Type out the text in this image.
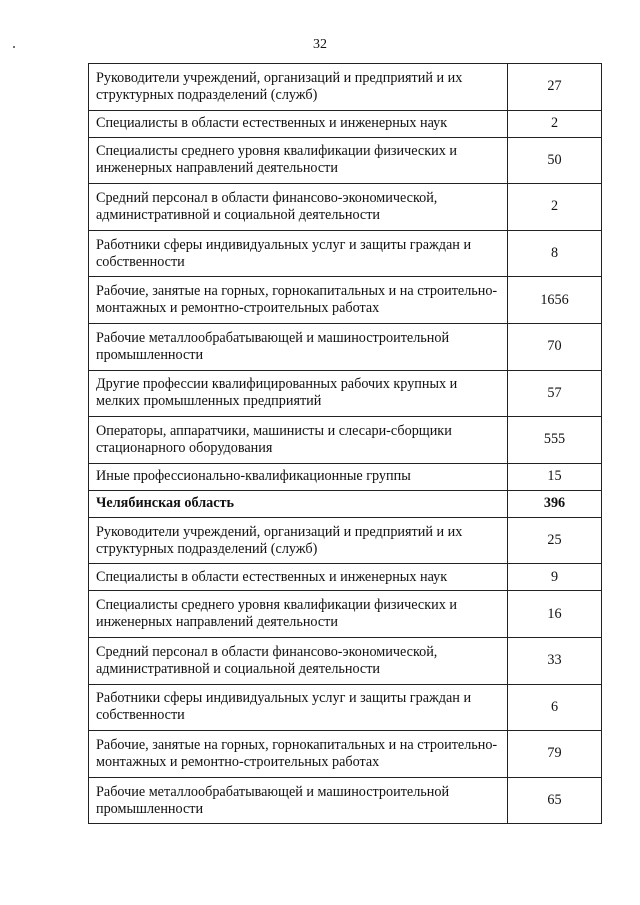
32
Руководители учреждений, организаций и предприятий и их структурных подразделений (служб)	27
Специалисты в области естественных и инженерных наук	2
Специалисты среднего уровня квалификации физических и инженерных направлений деятельности	50
Средний персонал в области финансово-экономической, административной и социальной деятельности	2
Работники сферы индивидуальных услуг и защиты граждан и собственности	8
Рабочие, занятые на горных, горнокапитальных и на строительно-монтажных и ремонтно-строительных работах	1656
Рабочие металлообрабатывающей и машиностроительной промышленности	70
Другие профессии квалифицированных рабочих крупных и мелких промышленных предприятий	57
Операторы, аппаратчики, машинисты и слесари-сборщики стационарного оборудования	555
Иные профессионально-квалификационные группы	15
Челябинская область	396
Руководители учреждений, организаций и предприятий и их структурных подразделений (служб)	25
Специалисты в области естественных и инженерных наук	9
Специалисты среднего уровня квалификации физических и инженерных направлений деятельности	16
Средний персонал в области финансово-экономической, административной и социальной деятельности	33
Работники сферы индивидуальных услуг и защиты граждан и собственности	6
Рабочие, занятые на горных, горнокапитальных и на строительно-монтажных и ремонтно-строительных работах	79
Рабочие металлообрабатывающей и машиностроительной промышленности	65
